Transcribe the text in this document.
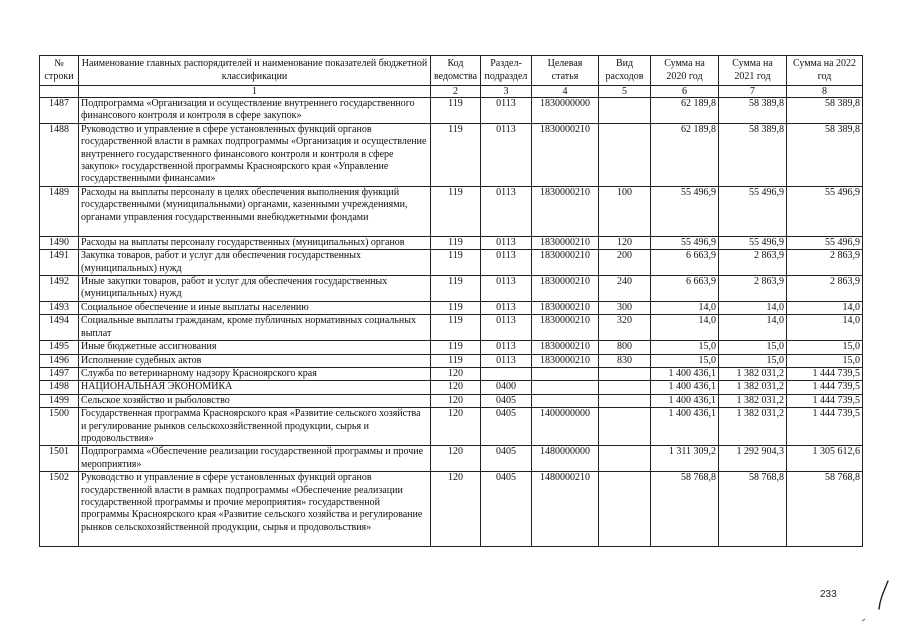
№ строки	Наименование главных распорядителей и наименование показателей бюджетной классификации	Код ведомства	Раздел-подраздел	Целевая статья	Вид расходов	Сумма на 2020 год	Сумма на 2021 год	Сумма на 2022 год
	1	2	3	4	5	6	7	8
1487	Подпрограмма «Организация и осуществление внутреннего государственного финансового контроля и контроля в сфере закупок»	119	0113	1830000000		62 189,8	58 389,8	58 389,8
1488	Руководство и управление в сфере установленных функций органов государственной власти в рамках подпрограммы «Организация и осуществление внутреннего государственного финансового контроля и контроля в сфере закупок» государственной программы Красноярского края «Управление государственными финансами»	119	0113	1830000210		62 189,8	58 389,8	58 389,8
1489	Расходы на выплаты персоналу в целях обеспечения выполнения функций государственными (муниципальными) органами, казенными учреждениями, органами управления государственными внебюджетными фондами	119	0113	1830000210	100	55 496,9	55 496,9	55 496,9
1490	Расходы на выплаты персоналу государственных (муниципальных) органов	119	0113	1830000210	120	55 496,9	55 496,9	55 496,9
1491	Закупка товаров, работ и услуг для обеспечения государственных (муниципальных) нужд	119	0113	1830000210	200	6 663,9	2 863,9	2 863,9
1492	Иные закупки товаров, работ и услуг для обеспечения государственных (муниципальных) нужд	119	0113	1830000210	240	6 663,9	2 863,9	2 863,9
1493	Социальное обеспечение и иные выплаты населению	119	0113	1830000210	300	14,0	14,0	14,0
1494	Социальные выплаты гражданам, кроме публичных нормативных социальных выплат	119	0113	1830000210	320	14,0	14,0	14,0
1495	Иные бюджетные ассигнования	119	0113	1830000210	800	15,0	15,0	15,0
1496	Исполнение судебных актов	119	0113	1830000210	830	15,0	15,0	15,0
1497	Служба по ветеринарному надзору Красноярского края	120				1 400 436,1	1 382 031,2	1 444 739,5
1498	НАЦИОНАЛЬНАЯ ЭКОНОМИКА	120	0400			1 400 436,1	1 382 031,2	1 444 739,5
1499	Сельское хозяйство и рыболовство	120	0405			1 400 436,1	1 382 031,2	1 444 739,5
1500	Государственная программа Красноярского края «Развитие сельского хозяйства и регулирование рынков сельскохозяйственной продукции, сырья и продовольствия»	120	0405	1400000000		1 400 436,1	1 382 031,2	1 444 739,5
1501	Подпрограмма «Обеспечение реализации государственной программы и прочие мероприятия»	120	0405	1480000000		1 311 309,2	1 292 904,3	1 305 612,6
1502	Руководство и управление в сфере установленных функций органов государственной власти в рамках подпрограммы «Обеспечение реализации государственной программы и прочие мероприятия» государственной программы Красноярского края «Развитие сельского хозяйства и регулирование рынков сельскохозяйственной продукции, сырья и продовольствия»	120	0405	1480000210		58 768,8	58 768,8	58 768,8
233
